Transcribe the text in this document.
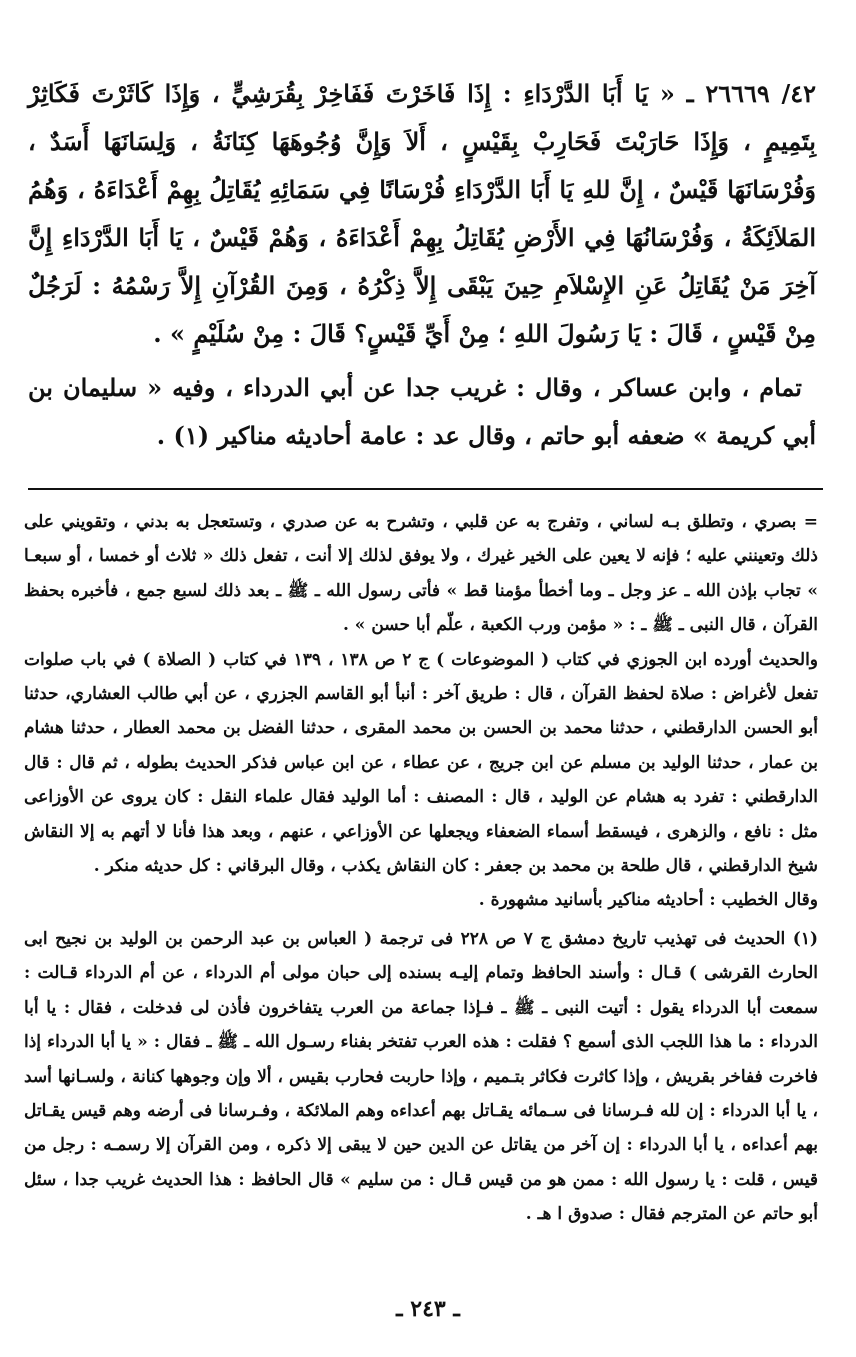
٤٢/ ٢٦٦٦٩ ـ « يَا أَبَا الدَّرْدَاءِ : إِذَا فَاخَرْتَ فَفَاخِرْ بِقُرَشِيٍّ ، وَإِذَا كَاثَرْتَ فَكَاثِرْ بِتَمِيمٍ ، وَإِذَا حَارَبْتَ فَحَارِبْ بِقَيْسٍ ، أَلاَ وَإِنَّ وُجُوهَهَا كِنَانَةُ ، وَلِسَانَهَا أَسَدٌ ، وَفُرْسَانَهَا قَيْسٌ ، إِنَّ للهِ يَا أَبَا الدَّرْدَاءِ فُرْسَانًا فِي سَمَائِهِ يُقَاتِلُ بِهِمْ أَعْدَاءَهُ ، وَهُمُ المَلاَئِكَةُ ، وَفُرْسَانُهَا فِي الأَرْضِ يُقَاتِلُ بِهِمْ أَعْدَاءَهُ ، وَهُمْ قَيْسٌ ، يَا أَبَا الدَّرْدَاءِ إِنَّ آخِرَ مَنْ يُقَاتِلُ عَنِ الإِسْلاَمِ حِينَ يَبْقَى إِلاَّ ذِكْرُهُ ، وَمِنَ القُرْآنِ إِلاَّ رَسْمُهُ : لَرَجُلٌ مِنْ قَيْسٍ ، قَالَ : يَا رَسُولَ اللهِ ؛ مِنْ أَيِّ قَيْسٍ؟ قَالَ : مِنْ سُلَيْمٍ » .

تمام ، وابن عساكر ، وقال : غريب جدا عن أبي الدرداء ، وفيه « سليمان بن أبي كريمة » ضعفه أبو حاتم ، وقال عد : عامة أحاديثه مناكير (١) .

= بصري ، وتطلق بـه لساني ، وتفرج به عن قلبي ، وتشرح به عن صدري ، وتستعجل به بدني ، وتقويني على ذلك وتعينني عليه ؛ فإنه لا يعين على الخير غيرك ، ولا يوفق لذلك إلا أنت ، تفعل ذلك « ثلاث أو خمسا ، أو سبعـا » تجاب بإذن الله ـ عز وجل ـ وما أخطأ مؤمنا قط » فأتى رسول الله ـ ﷺ ـ بعد ذلك لسبع جمع ، فأخبره بحفظ القرآن ، قال النبى ـ ﷺ ـ : « مؤمن ورب الكعبة ، علّم أبا حسن » .

والحديث أورده ابن الجوزي في كتاب ( الموضوعات ) ج ٢ ص ١٣٨ ، ١٣٩ في كتاب ( الصلاة ) في باب صلوات تفعل لأغراض : صلاة لحفظ القرآن ، قال : طريق آخر : أنبأ أبو القاسم الجزري ، عن أبي طالب العشاري، حدثنا أبو الحسن الدارقطني ، حدثنا محمد بن الحسن بن محمد المقرى ، حدثنا الفضل بن محمد العطار ، حدثنا هشام بن عمار ، حدثنا الوليد بن مسلم عن ابن جريج ، عن عطاء ، عن ابن عباس فذكر الحديث بطوله ، ثم قال : قال الدارقطني : تفرد به هشام عن الوليد ، قال : المصنف : أما الوليد فقال علماء النقل : كان يروى عن الأوزاعى مثل : نافع ، والزهرى ، فيسقط أسماء الضعفاء ويجعلها عن الأوزاعي ، عنهم ، وبعد هذا فأنا لا أتهم به إلا النقاش شيخ الدارقطني ، قال طلحة بن محمد بن جعفر : كان النقاش يكذب ، وقال البرقاني : كل حديثه منكر .

وقال الخطيب : أحاديثه مناكير بأسانيد مشهورة .

(١) الحديث فى تهذيب تاريخ دمشق ج ٧ ص ٢٢٨ فى ترجمة ( العباس بن عبد الرحمن بن الوليد بن نجيح ابى الحارث القرشى ) قـال : وأسند الحافظ وتمام إليـه بسنده إلى حبان مولى أم الدرداء ، عن أم الدرداء قـالت : سمعت أبا الدرداء يقول : أتيت النبى ـ ﷺ ـ فـإذا جماعة من العرب يتفاخرون فأذن لى فدخلت ، فقال : يا أبا الدرداء : ما هذا اللجب الذى أسمع ؟ فقلت : هذه العرب تفتخر بفناء رسـول الله ـ ﷺ ـ فقال : « يا أبا الدرداء إذا فاخرت ففاخر بقريش ، وإذا كاثرت فكاثر بتـميم ، وإذا حاربت فحارب بقيس ، ألا وإن وجوهها كنانة ، ولسـانها أسد ، يا أبا الدرداء : إن لله فـرسانا فى سـمائه يقـاتل بهم أعداءه وهم الملائكة ، وفـرسانا فى أرضه وهم قيس يقـاتل بهم أعداءه ، يا أبا الدرداء : إن آخر من يقاتل عن الدين حين لا يبقى إلا ذكره ، ومن القرآن إلا رسمـه : رجل من قيس ، قلت : يا رسول الله : ممن هو من قيس قـال : من سليم » قال الحافظ : هذا الحديث غريب جدا ، سئل أبو حاتم عن المترجم فقال : صدوق ا هـ .

ـ ٢٤٣ ـ
